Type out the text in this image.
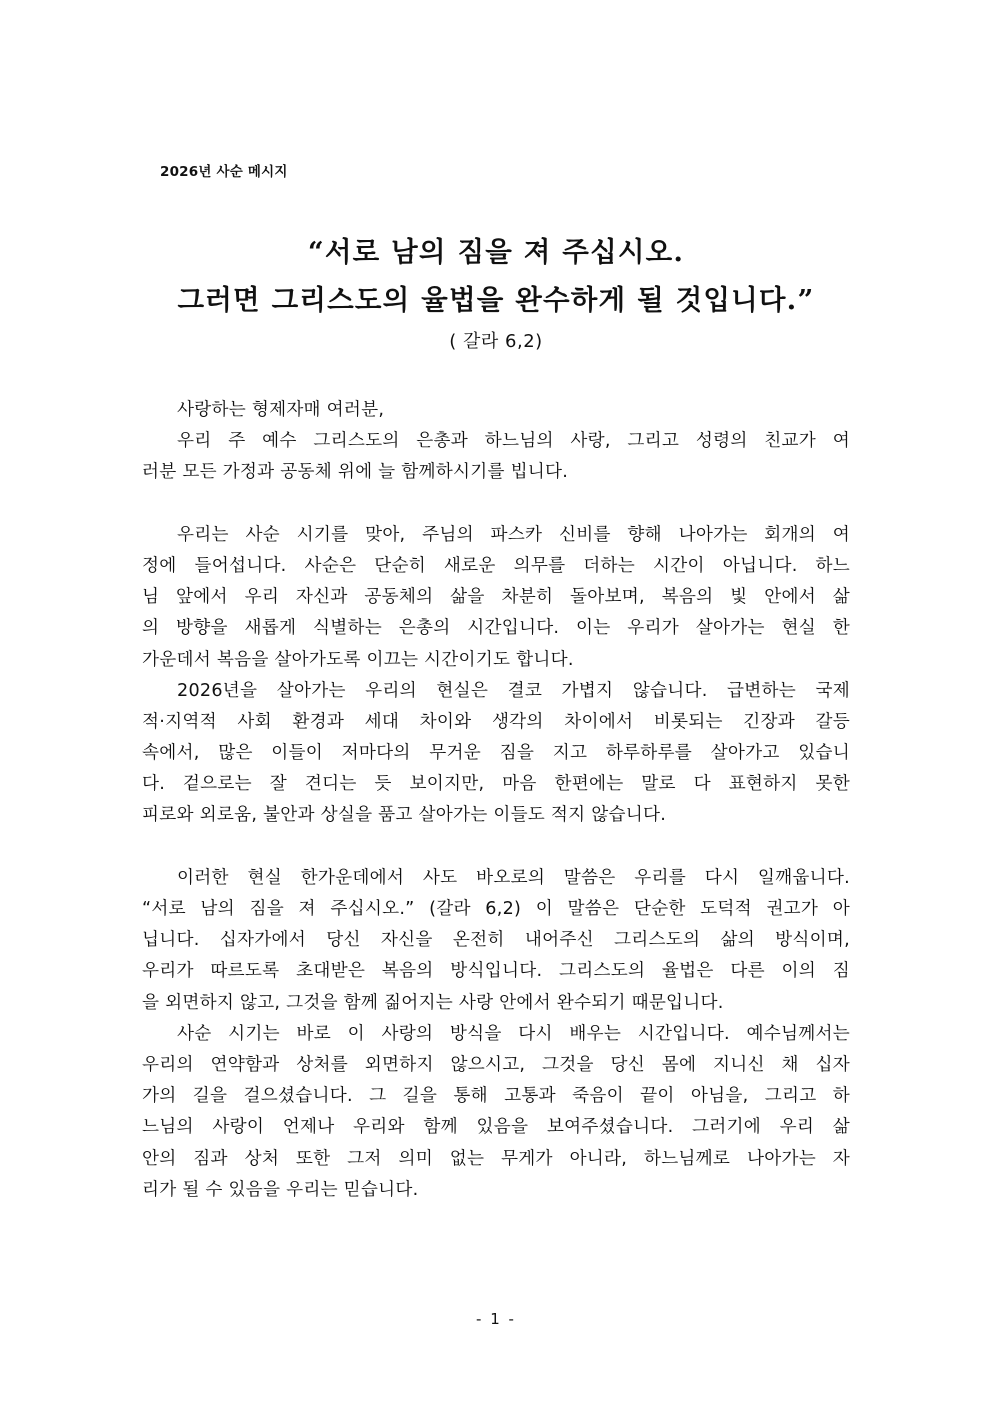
2026년 사순 메시지
“서로 남의 짐을 져 주십시오.
그러면 그리스도의 율법을 완수하게 될 것입니다.”
( 갈라 6,2)
사랑하는 형제자매 여러분,
우리 주 예수 그리스도의 은총과 하느님의 사랑, 그리고 성령의 친교가 여
러분 모든 가정과 공동체 위에 늘 함께하시기를 빕니다.
우리는 사순 시기를 맞아, 주님의 파스카 신비를 향해 나아가는 회개의 여
정에 들어섭니다. 사순은 단순히 새로운 의무를 더하는 시간이 아닙니다. 하느
님 앞에서 우리 자신과 공동체의 삶을 차분히 돌아보며, 복음의 빛 안에서 삶
의 방향을 새롭게 식별하는 은총의 시간입니다. 이는 우리가 살아가는 현실 한
가운데서 복음을 살아가도록 이끄는 시간이기도 합니다.
2026년을 살아가는 우리의 현실은 결코 가볍지 않습니다. 급변하는 국제
적·지역적 사회 환경과 세대 차이와 생각의 차이에서 비롯되는 긴장과 갈등
속에서, 많은 이들이 저마다의 무거운 짐을 지고 하루하루를 살아가고 있습니
다. 겉으로는 잘 견디는 듯 보이지만, 마음 한편에는 말로 다 표현하지 못한
피로와 외로움, 불안과 상실을 품고 살아가는 이들도 적지 않습니다.
이러한 현실 한가운데에서 사도 바오로의 말씀은 우리를 다시 일깨웁니다.
“서로 남의 짐을 져 주십시오.” (갈라 6,2) 이 말씀은 단순한 도덕적 권고가 아
닙니다. 십자가에서 당신 자신을 온전히 내어주신 그리스도의 삶의 방식이며,
우리가 따르도록 초대받은 복음의 방식입니다. 그리스도의 율법은 다른 이의 짐
을 외면하지 않고, 그것을 함께 짊어지는 사랑 안에서 완수되기 때문입니다.
사순 시기는 바로 이 사랑의 방식을 다시 배우는 시간입니다. 예수님께서는
우리의 연약함과 상처를 외면하지 않으시고, 그것을 당신 몸에 지니신 채 십자
가의 길을 걸으셨습니다. 그 길을 통해 고통과 죽음이 끝이 아님을, 그리고 하
느님의 사랑이 언제나 우리와 함께 있음을 보여주셨습니다. 그러기에 우리 삶
안의 짐과 상처 또한 그저 의미 없는 무게가 아니라, 하느님께로 나아가는 자
리가 될 수 있음을 우리는 믿습니다.
- 1 -
